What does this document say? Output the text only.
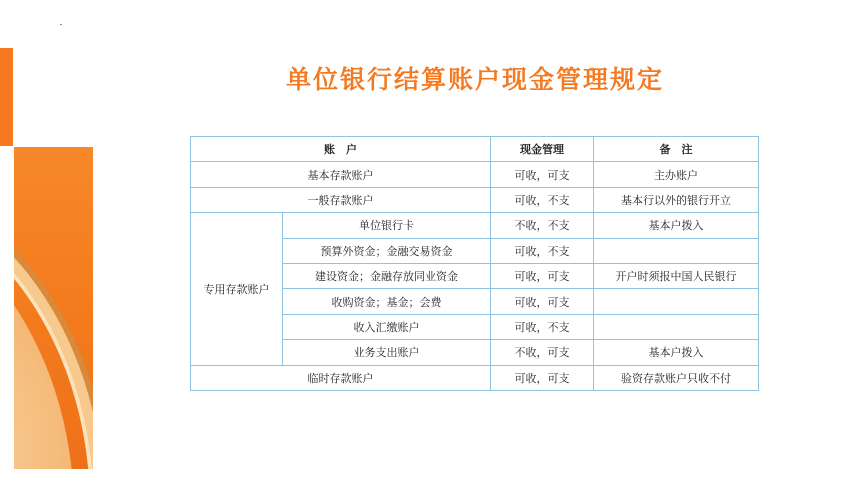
单位银行结算账户现金管理规定
账　户		现金管理	备　注
基本存款账户		可收，可支	主办账户
一般存款账户		可收，不支	基本行以外的银行开立
专用存款账户	单位银行卡	不收，不支	基本户拨入
	预算外资金；金融交易资金	可收，不支	
	建设资金；金融存放同业资金	可收，可支	开户时须报中国人民银行
	收购资金；基金；会费	可收，可支	
	收入汇缴账户	可收，不支	
	业务支出账户	不收，可支	基本户拨入
临时存款账户		可收，可支	验资存款账户只收不付
